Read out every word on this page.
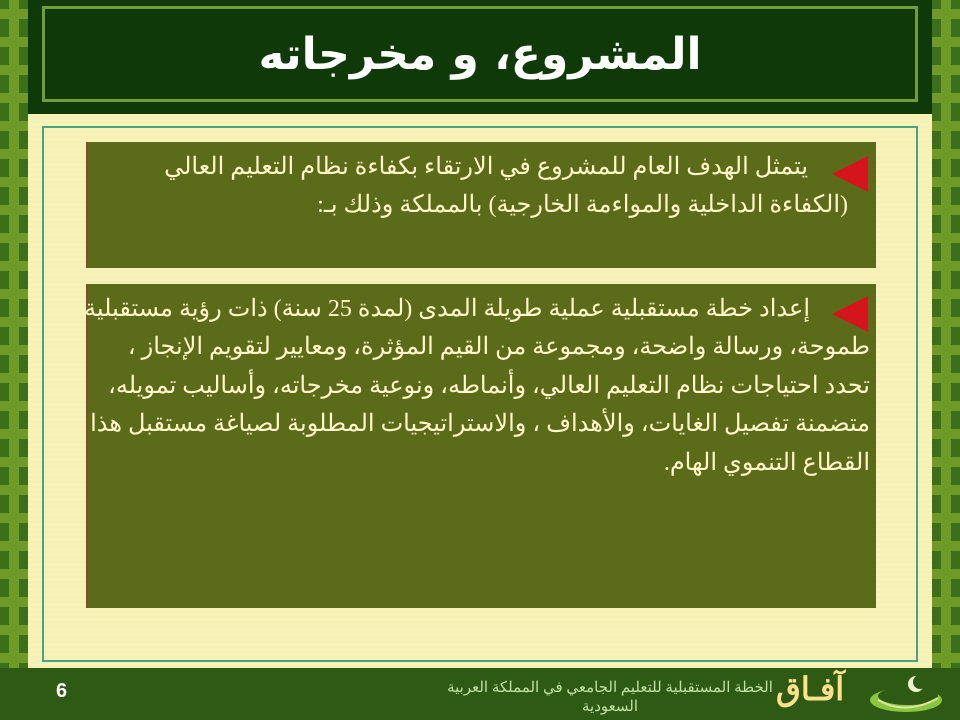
المشروع، و مخرجاته

يتمثل الهدف العام للمشروع في الارتقاء بكفاءة نظام التعليم العالي (الكفاءة الداخلية والمواءمة الخارجية) بالمملكة وذلك بـ:

إعداد خطة مستقبلية عملية طويلة المدى (لمدة 25 سنة) ذات رؤية مستقبلية طموحة، ورسالة واضحة، ومجموعة من القيم المؤثرة، ومعايير لتقويم الإنجاز ، تحدد احتياجات نظام التعليم العالي، وأنماطه، ونوعية مخرجاته، وأساليب تمويله، متضمنة تفصيل الغايات، والأهداف ، والاستراتيجيات المطلوبة لصياغة مستقبل هذا القطاع التنموي الهام.

6	الخطة المستقبلية للتعليم الجامعي في المملكة العربية السعودية	آفـاق
